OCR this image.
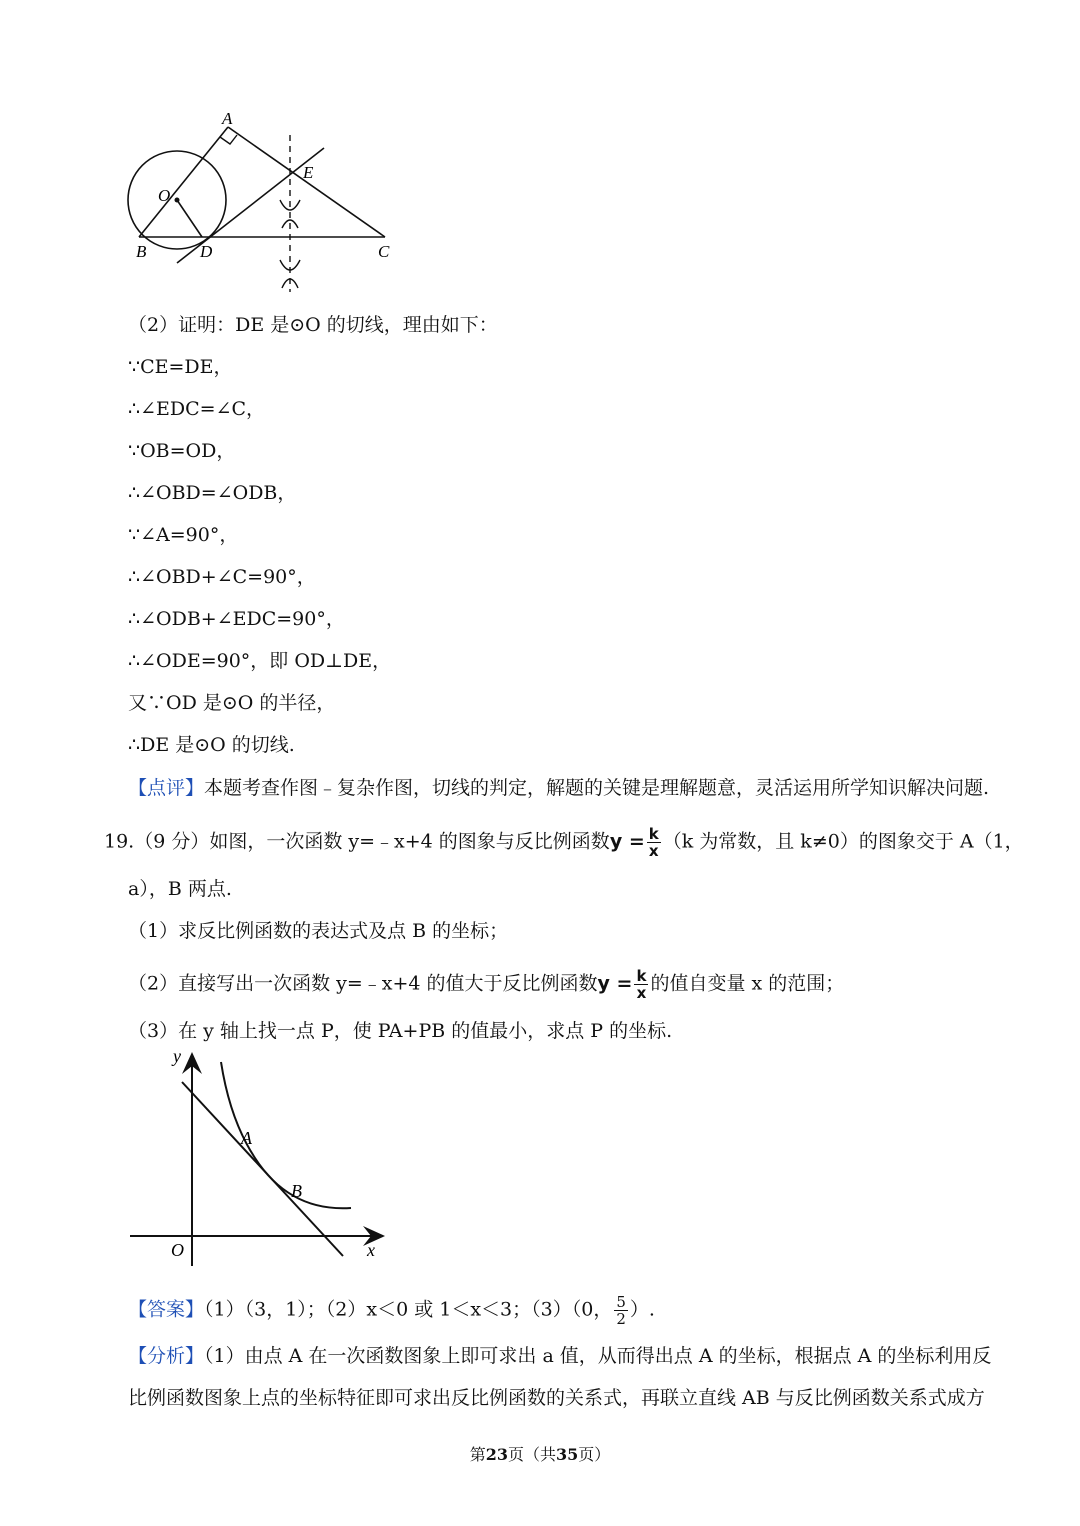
A
O
E
B	D	C
（2）证明：DE 是⊙O 的切线，理由如下：
∵CE=DE，
∴∠EDC=∠C，
∵OB=OD，
∴∠OBD=∠ODB，
∵∠A=90°，
∴∠OBD+∠C=90°，
∴∠ODB+∠EDC=90°，
∴∠ODE=90°，即 OD⊥DE，
又∵OD 是⊙O 的半径，
∴DE 是⊙O 的切线.
【点评】本题考查作图﹣复杂作图，切线的判定，解题的关键是理解题意，灵活运用所学知识解决问题.
19.（9 分）如图，一次函数 y=﹣x+4 的图象与反比例函数$y = \frac{k}{x} (k$ 为常数，且 k≠0）的图象交于 A（1，
a），B 两点.
（1）求反比例函数的表达式及点 B 的坐标；
（2）直接写出一次函数 y=﹣x+4 的值大于反比例函数$y = \frac{k}{x}$ 的值自变量 x 的范围；
（3）在 y 轴上找一点 P，使 PA+PB 的值最小，求点 P 的坐标.
y
x
O
A
B
【答案】（1）（3，1）；（2）x＜0 或 1＜x＜3；（3）（0， $\frac{5}{2}$ ）.
【分析】（1）由点 A 在一次函数图象上即可求出 a 值，从而得出点 A 的坐标，根据点 A 的坐标利用反
比例函数图象上点的坐标特征即可求出反比例函数的关系式，再联立直线 AB 与反比例函数关系式成方
第23页（共35页）
